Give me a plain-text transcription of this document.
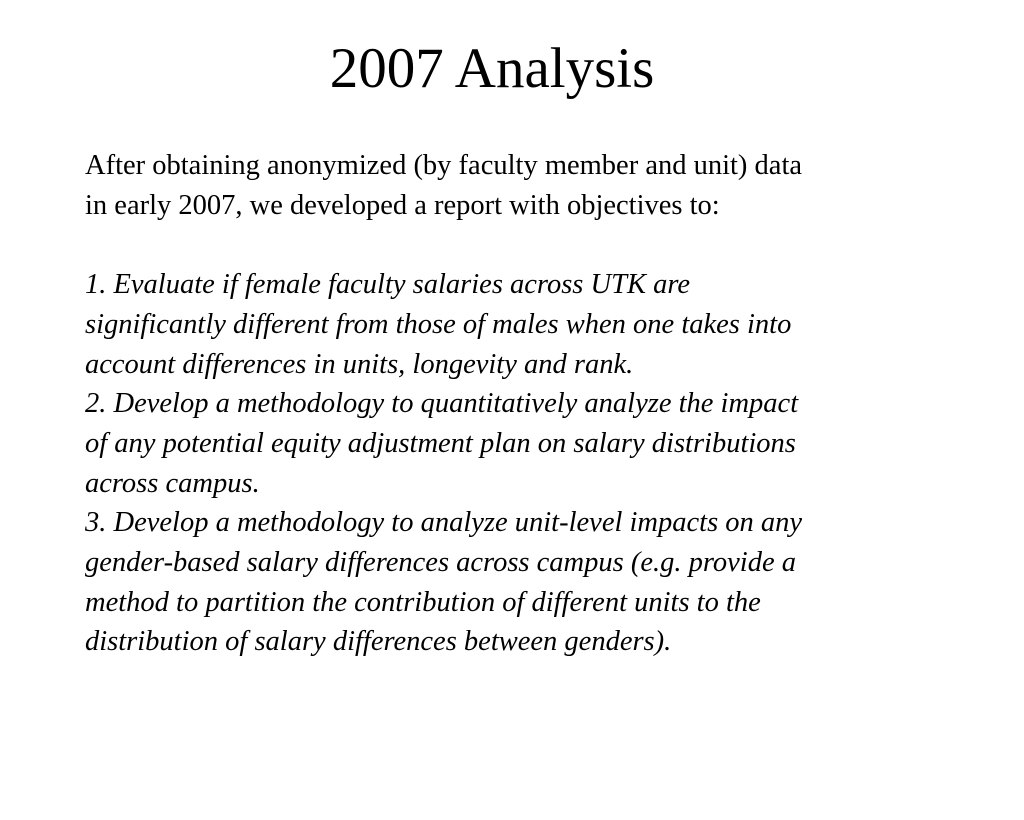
2007 Analysis

After obtaining anonymized (by faculty member and unit) data
in early 2007, we developed a report with objectives to:

1. Evaluate if female faculty salaries across UTK are
significantly different from those of males when one takes into
account differences in units, longevity and rank.
2. Develop a methodology to quantitatively analyze the impact
of any potential equity adjustment plan on salary distributions
across campus.
3. Develop a methodology to analyze unit-level impacts on any
gender-based salary differences across campus (e.g. provide a
method to partition the contribution of different units to the
distribution of salary differences between genders).
